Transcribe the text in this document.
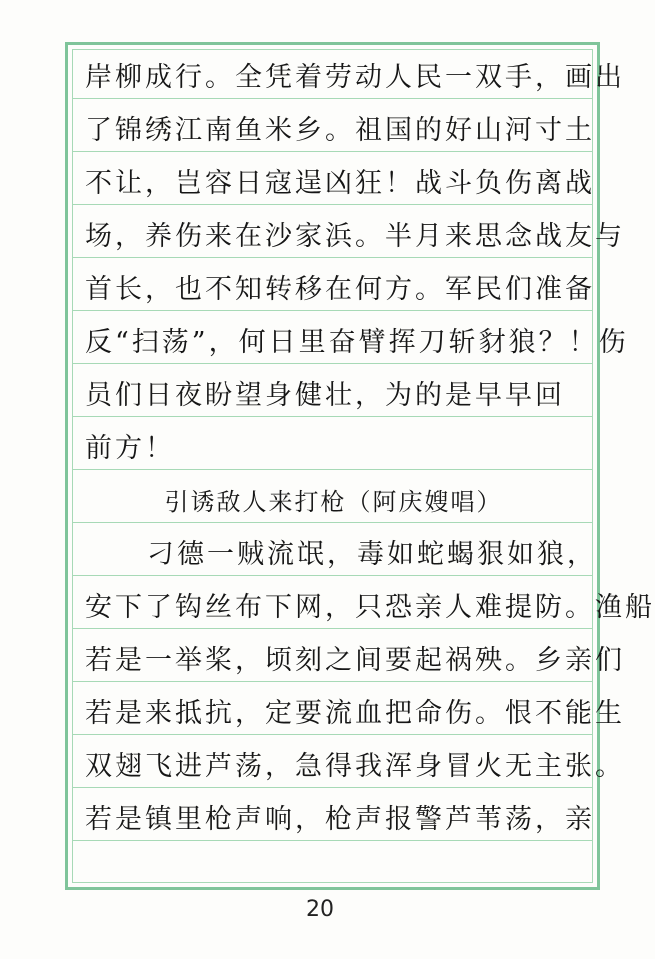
岸柳成行。全凭着劳动人民一双手，画出
了锦绣江南鱼米乡。祖国的好山河寸土
不让，岂容日寇逞凶狂！战斗负伤离战
场，养伤来在沙家浜。半月来思念战友与
首长，也不知转移在何方。军民们准备
反“扫荡”，何日里奋臂挥刀斩豺狼？！伤
员们日夜盼望身健壮，为的是早早回
前方！
引诱敌人来打枪（阿庆嫂唱）
刁德一贼流氓，毒如蛇蝎狠如狼，
安下了钩丝布下网，只恐亲人难提防。渔船
若是一举桨，顷刻之间要起祸殃。乡亲们
若是来抵抗，定要流血把命伤。恨不能生
双翅飞进芦荡，急得我浑身冒火无主张。
若是镇里枪声响，枪声报警芦苇荡，亲
20
